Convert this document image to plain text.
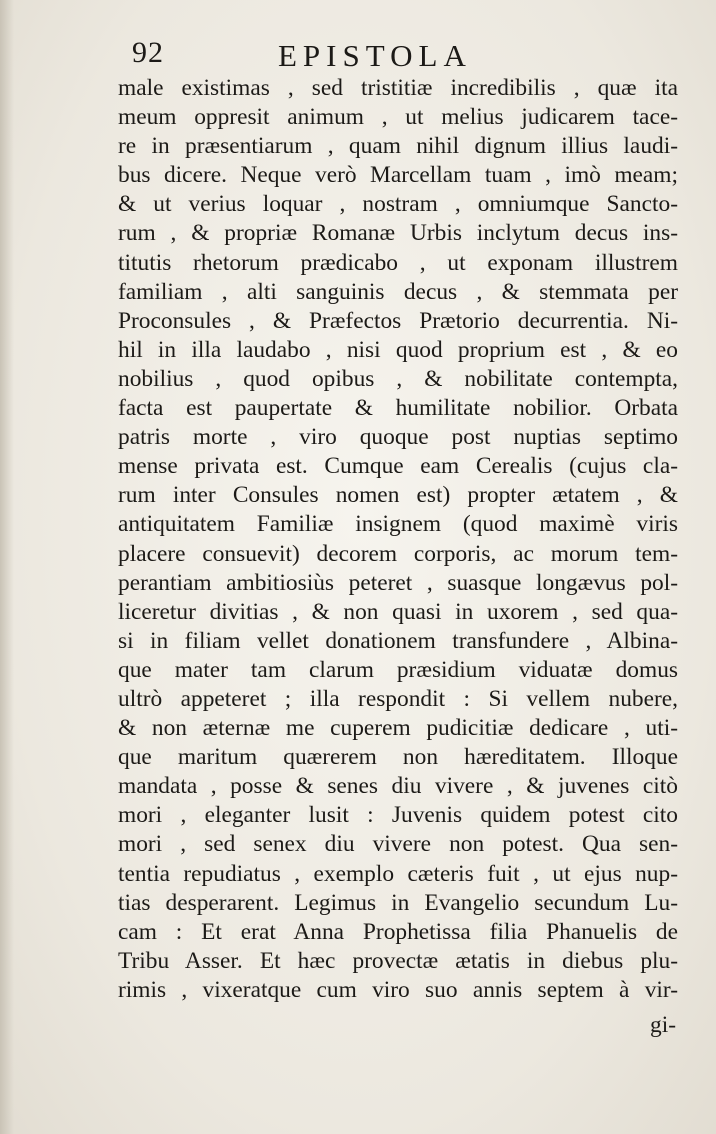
92	EPISTOLA
male existimas , sed tristitiæ incredibilis , quæ ita
meum oppresit animum , ut melius judicarem tace-
re in præsentiarum , quam nihil dignum illius laudi-
bus dicere. Neque verò Marcellam tuam , imò meam;
& ut verius loquar , nostram , omniumque Sancto-
rum , & propriæ Romanæ Urbis inclytum decus ins-
titutis rhetorum prædicabo , ut exponam illustrem
familiam , alti sanguinis decus , & stemmata per
Proconsules , & Præfectos Prætorio decurrentia. Ni-
hil in illa laudabo , nisi quod proprium est , & eo
nobilius , quod opibus , & nobilitate contempta,
facta est paupertate & humilitate nobilior. Orbata
patris morte , viro quoque post nuptias septimo
mense privata est. Cumque eam Cerealis (cujus cla-
rum inter Consules nomen est) propter ætatem , &
antiquitatem Familiæ insignem (quod maximè viris
placere consuevit) decorem corporis, ac morum tem-
perantiam ambitiosiùs peteret , suasque longævus pol-
liceretur divitias , & non quasi in uxorem , sed qua-
si in filiam vellet donationem transfundere , Albina-
que mater tam clarum præsidium viduatæ domus
ultrò appeteret ; illa respondit : Si vellem nubere,
& non æternæ me cuperem pudicitiæ dedicare , uti-
que maritum quærerem non hæreditatem. Illoque
mandata , posse & senes diu vivere , & juvenes citò
mori , eleganter lusit : Juvenis quidem potest cito
mori , sed senex diu vivere non potest. Qua sen-
tentia repudiatus , exemplo cæteris fuit , ut ejus nup-
tias desperarent. Legimus in Evangelio secundum Lu-
cam : Et erat Anna Prophetissa filia Phanuelis de
Tribu Asser. Et hæc provectæ ætatis in diebus plu-
rimis , vixeratque cum viro suo annis septem à vir-
gi-
